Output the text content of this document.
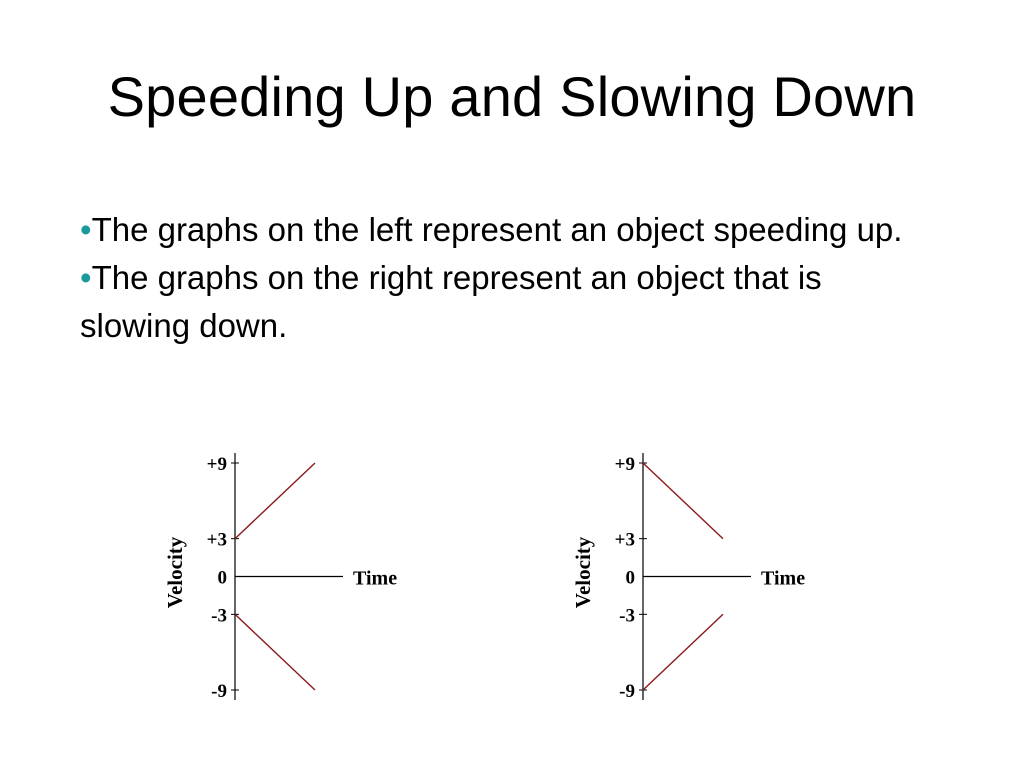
Speeding Up and Slowing Down

•The graphs on the left represent an object speeding up.

•The graphs on the right represent an object that is slowing down.

+9
+3
0
-3
-9
Time
Velocity
+9
+3
0
-3
-9
Time
Velocity
